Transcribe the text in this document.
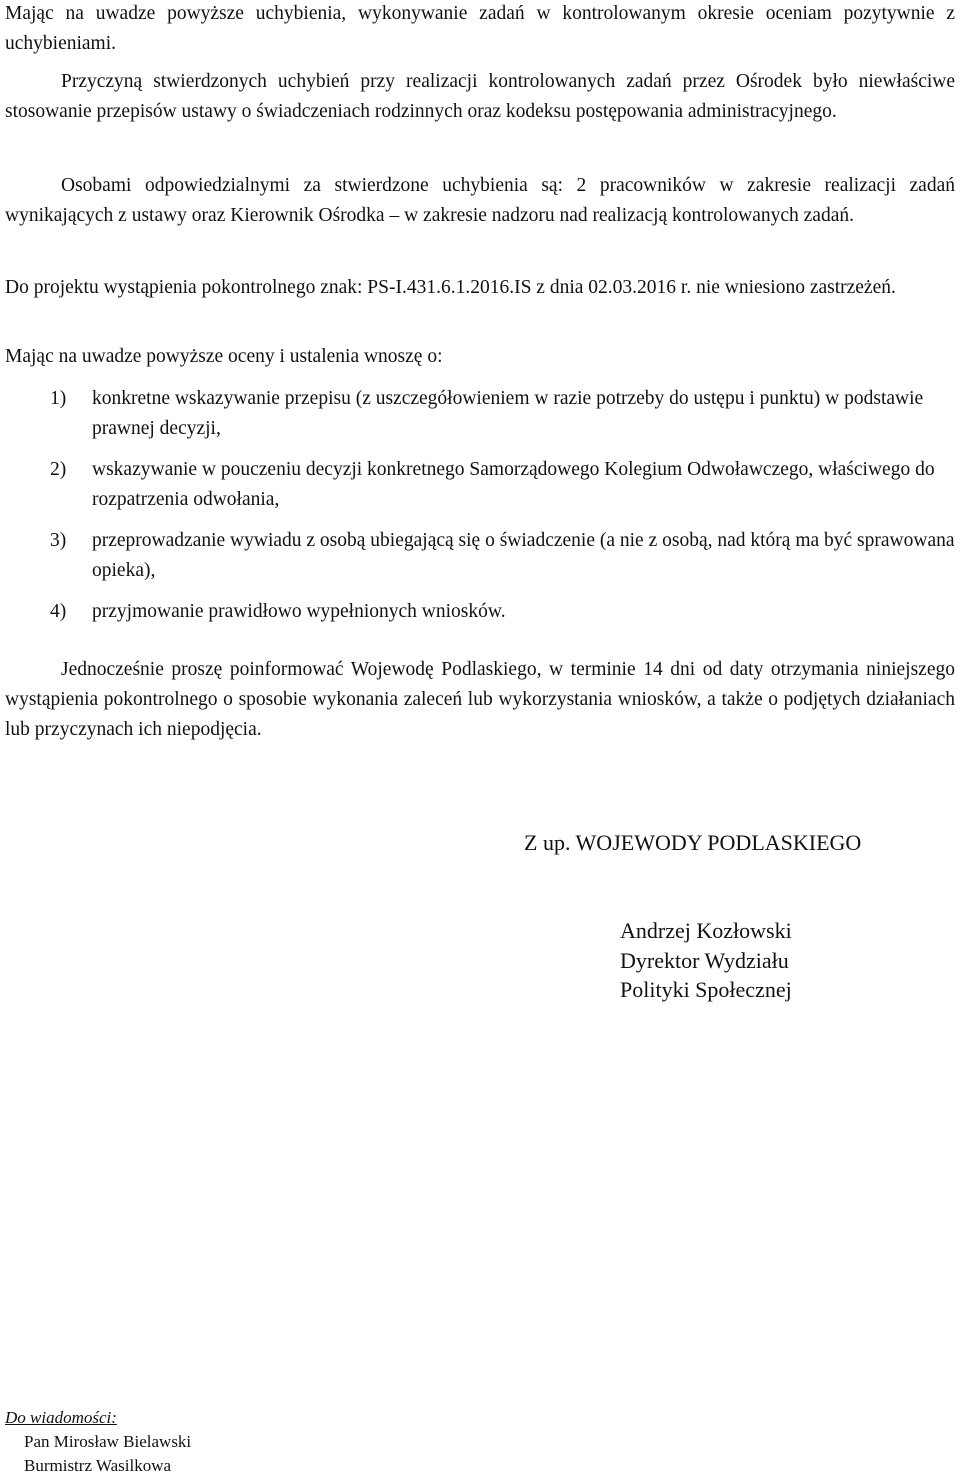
Mając na uwadze powyższe uchybienia, wykonywanie zadań w kontrolowanym okresie oceniam pozytywnie z uchybieniami.

Przyczyną stwierdzonych uchybień przy realizacji kontrolowanych zadań przez Ośrodek było niewłaściwe stosowanie przepisów ustawy o świadczeniach rodzinnych oraz kodeksu postępowania administracyjnego.

Osobami odpowiedzialnymi za stwierdzone uchybienia są: 2 pracowników w zakresie realizacji zadań wynikających z ustawy oraz Kierownik Ośrodka – w zakresie nadzoru nad realizacją kontrolowanych zadań.

Do projektu wystąpienia pokontrolnego znak: PS-I.431.6.1.2016.IS z dnia 02.03.2016 r. nie wniesiono zastrzeżeń.

Mając na uwadze powyższe oceny i ustalenia wnoszę o:

1) konkretne wskazywanie przepisu (z uszczegółowieniem w razie potrzeby do ustępu i punktu) w podstawie prawnej decyzji,
2) wskazywanie w pouczeniu decyzji konkretnego Samorządowego Kolegium Odwoławczego, właściwego do rozpatrzenia odwołania,
3) przeprowadzanie wywiadu z osobą ubiegającą się o świadczenie (a nie z osobą, nad którą ma być sprawowana opieka),
4) przyjmowanie prawidłowo wypełnionych wniosków.

Jednocześnie proszę poinformować Wojewodę Podlaskiego, w terminie 14 dni od daty otrzymania niniejszego wystąpienia pokontrolnego o sposobie wykonania zaleceń lub wykorzystania wniosków, a także o podjętych działaniach lub przyczynach ich niepodjęcia.

Z up. WOJEWODY PODLASKIEGO
Andrzej Kozłowski
Dyrektor Wydziału
Polityki Społecznej
Do wiadomości:
Pan Mirosław Bielawski
Burmistrz Wasilkowa
